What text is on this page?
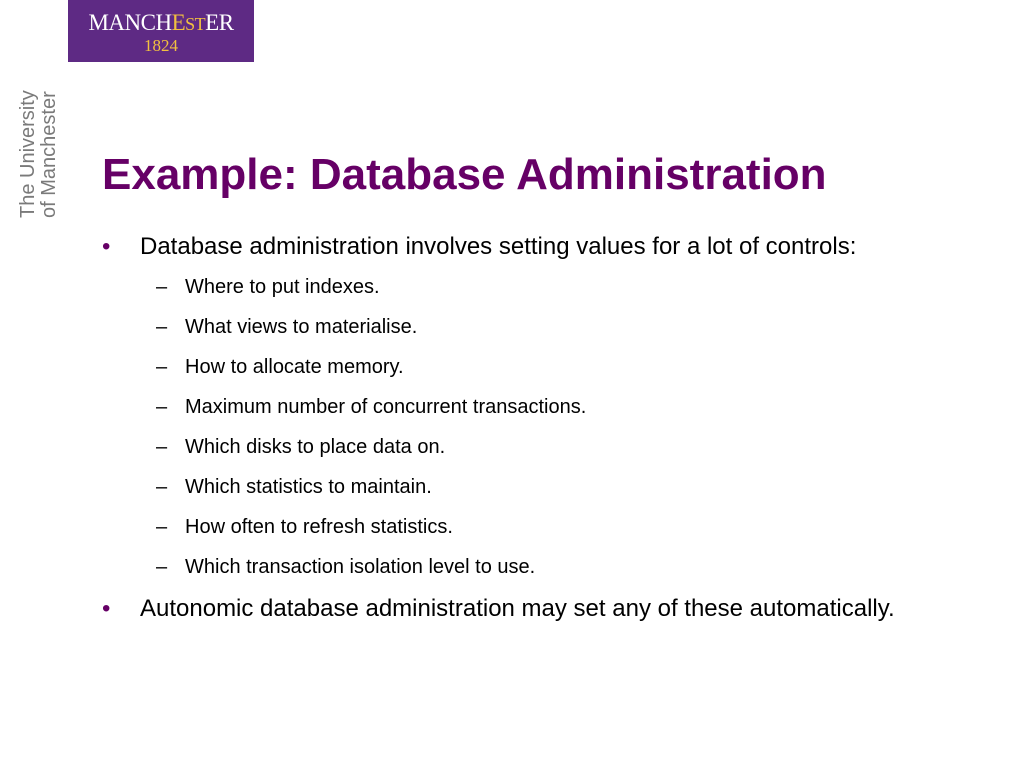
MANCHESTER
1824
The University of Manchester Example: Database Administration
• Database administration involves setting values for a lot of controls:
– Where to put indexes.
– What views to materialise.
– How to allocate memory.
– Maximum number of concurrent transactions.
– Which disks to place data on.
– Which statistics to maintain.
– How often to refresh statistics.
– Which transaction isolation level to use.
• Autonomic database administration may set any of these automatically.
